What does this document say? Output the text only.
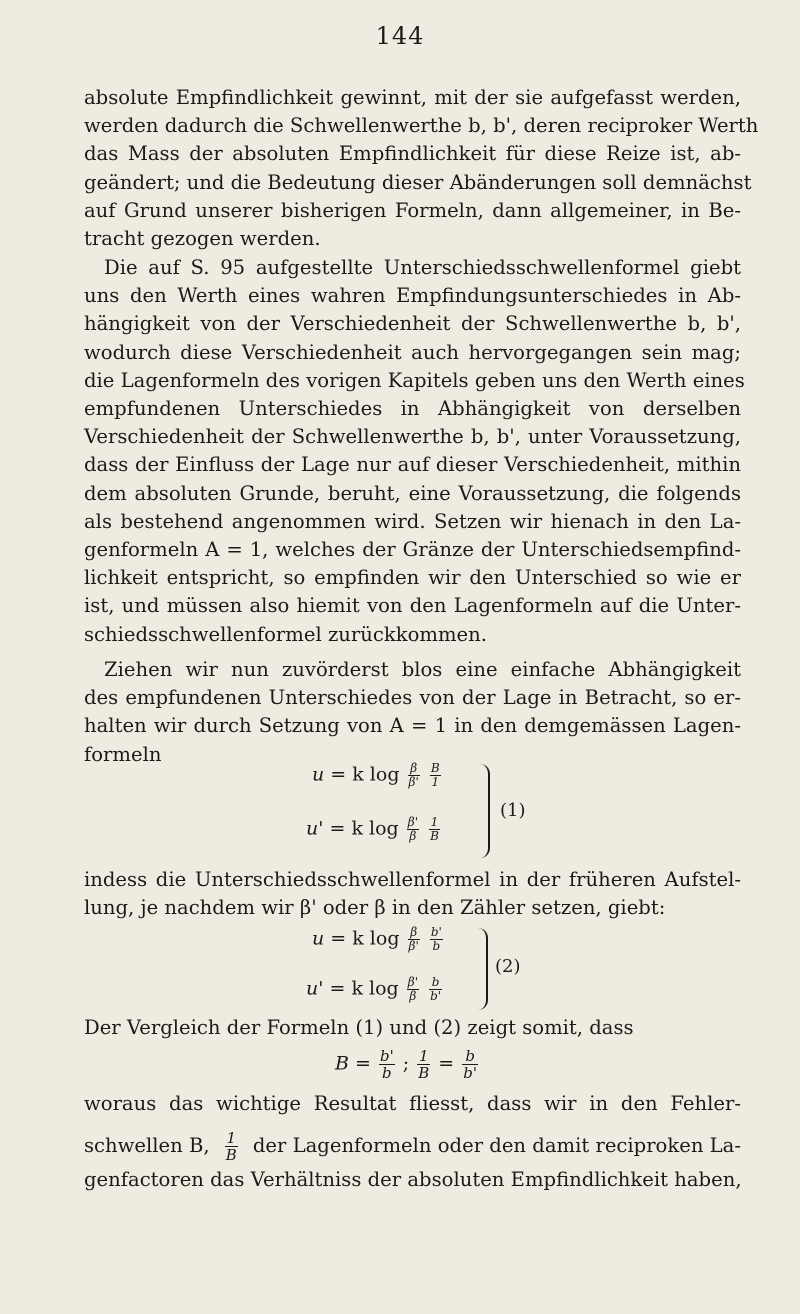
144
absolute Empfindlichkeit gewinnt, mit der sie aufgefasst werden,
werden dadurch die Schwellenwerthe b, b', deren reciproker Werth
das Mass der absoluten Empfindlichkeit für diese Reize ist, ab-
geändert; und die Bedeutung dieser Abänderungen soll demnächst
auf Grund unserer bisherigen Formeln, dann allgemeiner, in Be-
tracht gezogen werden.
Die auf S. 95 aufgestellte Unterschiedsschwellenformel giebt
uns den Werth eines wahren Empfindungsunterschiedes in Ab-
hängigkeit von der Verschiedenheit der Schwellenwerthe b, b',
wodurch diese Verschiedenheit auch hervorgegangen sein mag;
die Lagenformeln des vorigen Kapitels geben uns den Werth eines
empfundenen Unterschiedes in Abhängigkeit von derselben
Verschiedenheit der Schwellenwerthe b, b', unter Voraussetzung,
dass der Einfluss der Lage nur auf dieser Verschiedenheit, mithin
dem absoluten Grunde, beruht, eine Voraussetzung, die folgends
als bestehend angenommen wird. Setzen wir hienach in den La-
genformeln A = 1, welches der Gränze der Unterschiedsempfind-
lichkeit entspricht, so empfinden wir den Unterschied so wie er
ist, und müssen also hiemit von den Lagenformeln auf die Unter-
schiedsschwellenformel zurückkommen.
Ziehen wir nun zuvörderst blos eine einfache Abhängigkeit
des empfundenen Unterschiedes von der Lage in Betracht, so er-
halten wir durch Setzung von A = 1 in den demgemässen Lagen-
formeln
u = k $\log \frac{\beta}{\beta'}$
$\frac{B}{1}$
u' = k $\log \frac{\beta'}{\beta}$
$\frac{1}{B}$
(1)
indess die Unterschiedsschwellenformel in der früheren Aufstel-
lung, je nachdem wir β' oder β in den Zähler setzen, giebt:
u = k $\log \frac{\beta}{\beta'}$
$\frac{b'}{b}$
u' = k $\log \frac{\beta'}{\beta}$
$\frac{b}{b'}$
(2)
Der Vergleich der Formeln (1) und (2) zeigt somit, dass
$B = \frac{b'}{b}$ ; $\frac{1}{B} = \frac{b}{b'}$
woraus das wichtige Resultat fliesst, dass wir in den Fehler-
schwellen B, $\frac{1}{B}$ der Lagenformeln oder den damit reciproken La-
genfactoren das Verhältniss der absoluten Empfindlichkeit haben,
